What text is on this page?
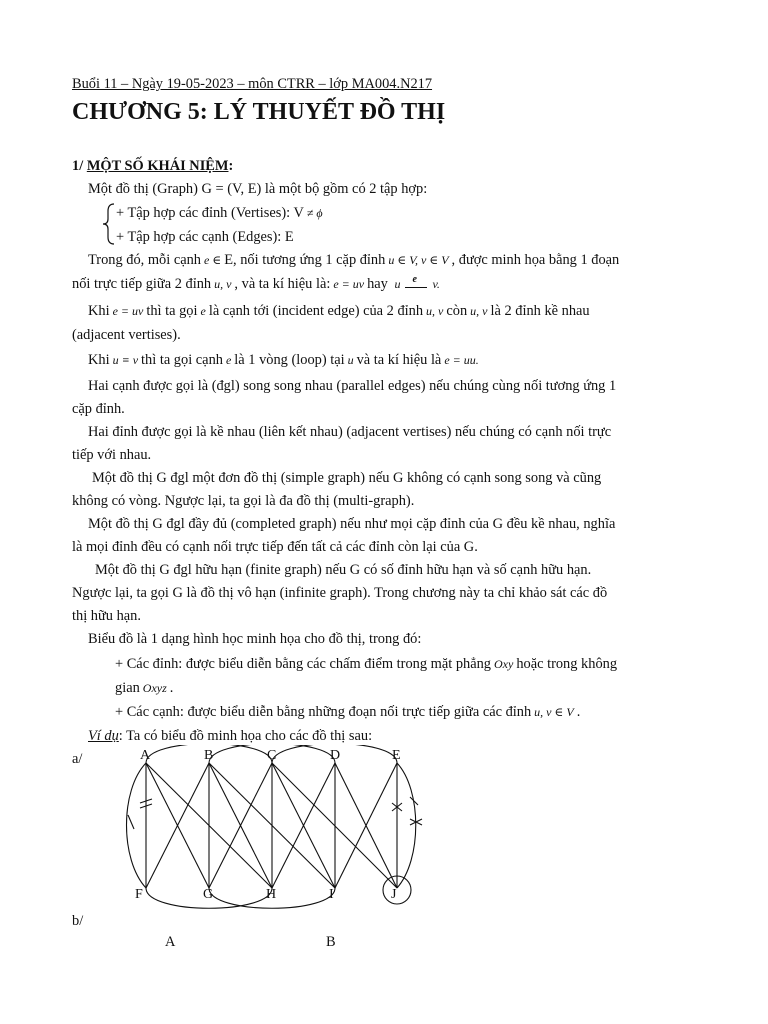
Buổi 11 – Ngày 19-05-2023 – môn CTRR – lớp MA004.N217
CHƯƠNG 5: LÝ THUYẾT ĐỒ THỊ
1/ MỘT SỐ KHÁI NIỆM:
Một đồ thị (Graph) G = (V, E) là một bộ gồm có 2 tập hợp:
+ Tập hợp các đỉnh (Vertises): V ≠ ϕ
+ Tập hợp các cạnh (Edges): E
Trong đó, mỗi cạnh e ∈ E, nối tương ứng 1 cặp đỉnh u ∈ V, v ∈ V , được minh họa bằng 1 đoạn
nối trực tiếp giữa 2 đỉnh u, v , và ta kí hiệu là: e = uv hay u e v.
Khi e = uv thì ta gọi e là cạnh tới (incident edge) của 2 đỉnh u, v còn u, v là 2 đỉnh kề nhau
(adjacent vertises).
Khi u ≡ v thì ta gọi cạnh e là 1 vòng (loop) tại u và ta kí hiệu là e = uu.
Hai cạnh được gọi là (đgl) song song nhau (parallel edges) nếu chúng cùng nối tương ứng 1
cặp đỉnh.
Hai đỉnh được gọi là kề nhau (liên kết nhau) (adjacent vertises) nếu chúng có cạnh nối trực
tiếp với nhau.
Một đồ thị G đgl một đơn đồ thị (simple graph) nếu G không có cạnh song song và cũng
không có vòng. Ngược lại, ta gọi là đa đồ thị (multi-graph).
Một đồ thị G đgl đầy đủ (completed graph) nếu như mọi cặp đỉnh của G đều kề nhau, nghĩa
là mọi đỉnh đều có cạnh nối trực tiếp đến tất cả các đỉnh còn lại của G.
Một đồ thị G đgl hữu hạn (finite graph) nếu G có số đỉnh hữu hạn và số cạnh hữu hạn.
Ngược lại, ta gọi G là đồ thị vô hạn (infinite graph). Trong chương này ta chỉ khảo sát các đồ
thị hữu hạn.
Biểu đồ là 1 dạng hình học minh họa cho đồ thị, trong đó:
+ Các đỉnh: được biểu diễn bằng các chấm điểm trong mặt phẳng Oxy hoặc trong không
gian Oxyz .
+ Các cạnh: được biểu diễn bằng những đoạn nối trực tiếp giữa các đỉnh u, v ∈ V .
Ví dụ: Ta có biểu đồ minh họa cho các đồ thị sau:
a/	A	B	C	D	E
F	G	H	I	J
b/
A	B
